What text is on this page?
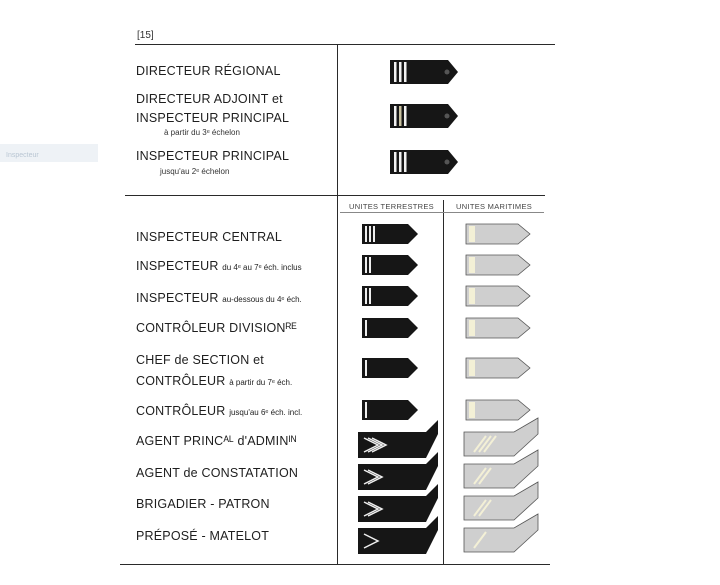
Inspecteur
[15]
UNITES TERRESTRES	UNITES MARITIMES
DIRECTEUR RÉGIONAL
DIRECTEUR ADJOINT et
INSPECTEUR PRINCIPAL
à partir du 3ᵉ échelon
INSPECTEUR PRINCIPAL
jusqu'au 2ᵉ échelon
INSPECTEUR CENTRAL
INSPECTEUR du 4ᵉ au 7ᵉ éch. inclus
INSPECTEUR au-dessous du 4ᵉ éch.
CONTRÔLEUR DIVISIONᴿᴱ
CHEF de SECTION et
CONTRÔLEUR à partir du 7ᵉ éch.
CONTRÔLEUR jusqu'au 6ᵉ éch. incl.
AGENT PRINCᴬᴸ d'ADMINᴵᴺ
AGENT de CONSTATATION
BRIGADIER - PATRON
PRÉPOSÉ - MATELOT
